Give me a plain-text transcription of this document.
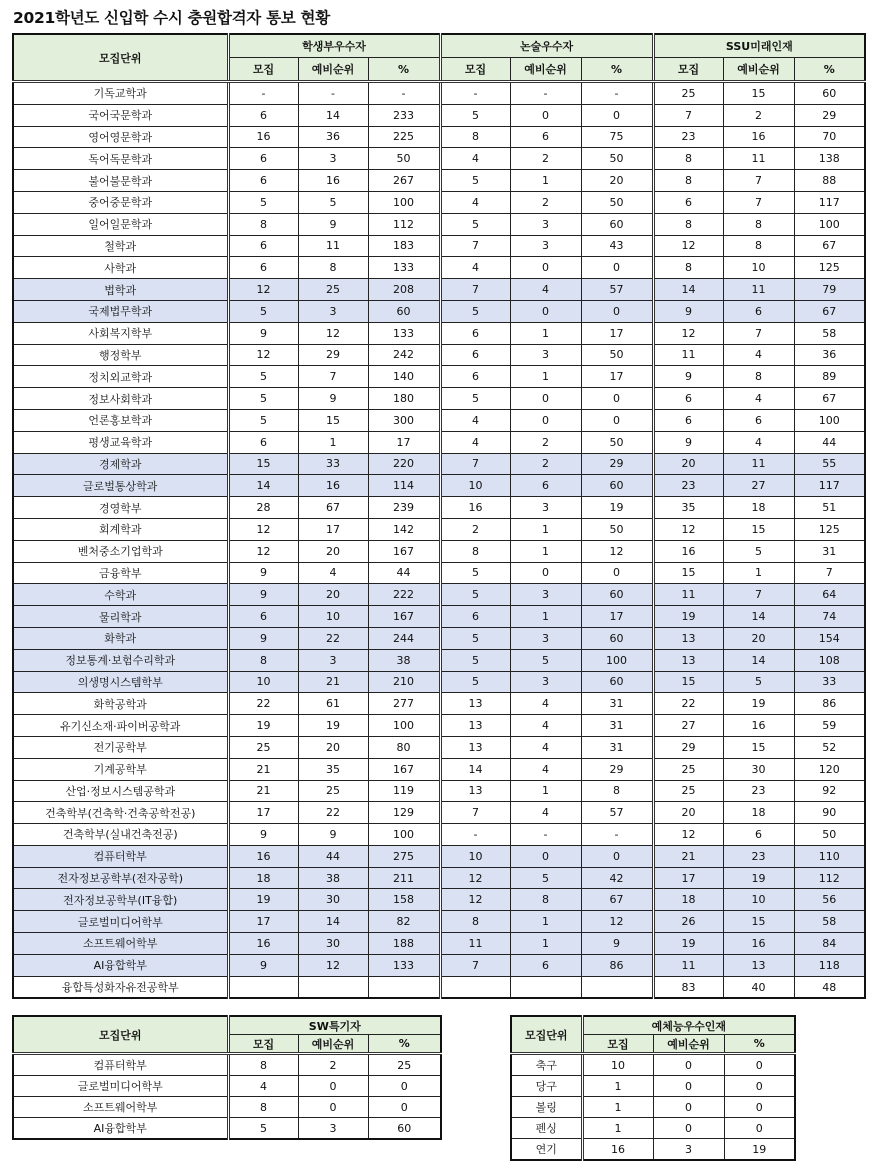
2021학년도 신입학 수시 충원합격자 통보 현황
모집단위	학생부우수자			논술우수자			SSU미래인재		
	모집	예비순위	%	모집	예비순위	%	모집	예비순위	%
기독교학과	-	-	-	-	-	-	25	15	60
국어국문학과	6	14	233	5	0	0	7	2	29
영어영문학과	16	36	225	8	6	75	23	16	70
독어독문학과	6	3	50	4	2	50	8	11	138
불어불문학과	6	16	267	5	1	20	8	7	88
중어중문학과	5	5	100	4	2	50	6	7	117
일어일문학과	8	9	112	5	3	60	8	8	100
철학과	6	11	183	7	3	43	12	8	67
사학과	6	8	133	4	0	0	8	10	125
법학과	12	25	208	7	4	57	14	11	79
국제법무학과	5	3	60	5	0	0	9	6	67
사회복지학부	9	12	133	6	1	17	12	7	58
행정학부	12	29	242	6	3	50	11	4	36
정치외교학과	5	7	140	6	1	17	9	8	89
정보사회학과	5	9	180	5	0	0	6	4	67
언론홍보학과	5	15	300	4	0	0	6	6	100
평생교육학과	6	1	17	4	2	50	9	4	44
경제학과	15	33	220	7	2	29	20	11	55
글로벌통상학과	14	16	114	10	6	60	23	27	117
경영학부	28	67	239	16	3	19	35	18	51
회계학과	12	17	142	2	1	50	12	15	125
벤처중소기업학과	12	20	167	8	1	12	16	5	31
금융학부	9	4	44	5	0	0	15	1	7
수학과	9	20	222	5	3	60	11	7	64
물리학과	6	10	167	6	1	17	19	14	74
화학과	9	22	244	5	3	60	13	20	154
정보통계·보험수리학과	8	3	38	5	5	100	13	14	108
의생명시스템학부	10	21	210	5	3	60	15	5	33
화학공학과	22	61	277	13	4	31	22	19	86
유기신소재·파이버공학과	19	19	100	13	4	31	27	16	59
전기공학부	25	20	80	13	4	31	29	15	52
기계공학부	21	35	167	14	4	29	25	30	120
산업·정보시스템공학과	21	25	119	13	1	8	25	23	92
건축학부(건축학·건축공학전공)	17	22	129	7	4	57	20	18	90
건축학부(실내건축전공)	9	9	100	-	-	-	12	6	50
컴퓨터학부	16	44	275	10	0	0	21	23	110
전자정보공학부(전자공학)	18	38	211	12	5	42	17	19	112
전자정보공학부(IT융합)	19	30	158	12	8	67	18	10	56
글로벌미디어학부	17	14	82	8	1	12	26	15	58
소프트웨어학부	16	30	188	11	1	9	19	16	84
AI융합학부	9	12	133	7	6	86	11	13	118
융합특성화자유전공학부							83	40	48
모집단위	SW특기자		
	모집	예비순위	%
컴퓨터학부	8	2	25
글로벌미디어학부	4	0	0
소프트웨어학부	8	0	0
AI융합학부	5	3	60
모집단위	예체능우수인재		
	모집	예비순위	%
축구	10	0	0
당구	1	0	0
볼링	1	0	0
펜싱	1	0	0
연기	16	3	19
